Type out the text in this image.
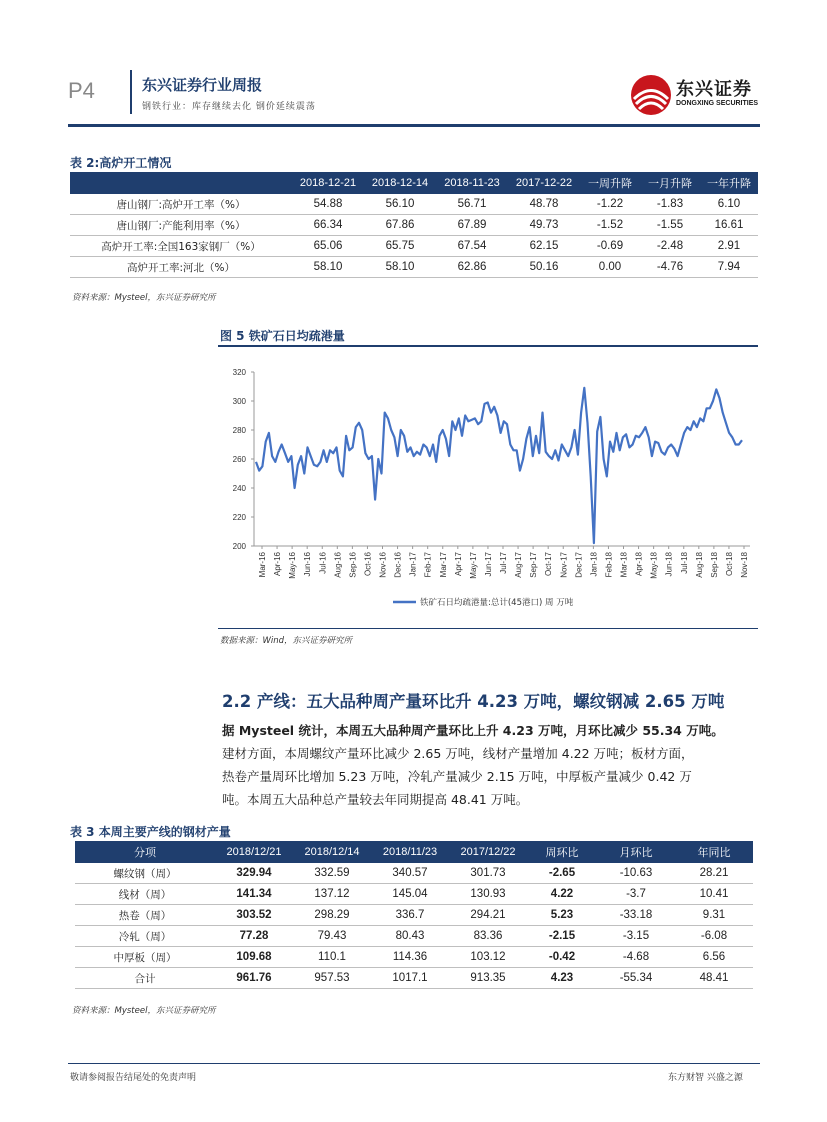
P4	东兴证券行业周报
钢铁行业：库存继续去化 钢价延续震荡
东兴证券
DONGXING SECURITIES
表 2:高炉开工情况
	2018-12-21	2018-12-14	2018-11-23	2017-12-22	一周升降	一月升降	一年升降
唐山钢厂:高炉开工率（%）	54.88	56.10	56.71	48.78	-1.22	-1.83	6.10
唐山钢厂:产能利用率（%）	66.34	67.86	67.89	49.73	-1.52	-1.55	16.61
高炉开工率:全国163家钢厂（%）	65.06	65.75	67.54	62.15	-0.69	-2.48	2.91
高炉开工率:河北（%）	58.10	58.10	62.86	50.16	0.00	-4.76	7.94
资料来源：Mysteel，东兴证券研究所
图 5 铁矿石日均疏港量
200
220
240
260
280
300
320
Mar-16 Apr-16 May-16 Jun-16 Jul-16 Aug-16 Sep-16 Oct-16 Nov-16 Dec-16 Jan-17 Feb-17 Mar-17 Apr-17 May-17 Jun-17 Jul-17 Aug-17 Sep-17 Oct-17 Nov-17 Dec-17 Jan-18 Feb-18 Mar-18 Apr-18 May-18 Jun-18 Jul-18 Aug-18 Sep-18 Oct-18 Nov-18
铁矿石日均疏港量:总计(45港口) 周 万吨
数据来源：Wind，东兴证券研究所
2.2 产线：五大品种周产量环比升 4.23 万吨，螺纹钢减 2.65 万吨
据 Mysteel 统计，本周五大品种周产量环比上升 4.23 万吨，月环比减少 55.34 万吨。
建材方面，本周螺纹产量环比减少 2.65 万吨，线材产量增加 4.22 万吨；板材方面，
热卷产量周环比增加 5.23 万吨，冷轧产量减少 2.15 万吨，中厚板产量减少 0.42 万
吨。本周五大品种总产量较去年同期提高 48.41 万吨。
表 3 本周主要产线的钢材产量
分项	2018/12/21	2018/12/14	2018/11/23	2017/12/22	周环比	月环比	年同比
螺纹钢（周）	329.94	332.59	340.57	301.73	-2.65	-10.63	28.21
线材（周）	141.34	137.12	145.04	130.93	4.22	-3.7	10.41
热卷（周）	303.52	298.29	336.7	294.21	5.23	-33.18	9.31
冷轧（周）	77.28	79.43	80.43	83.36	-2.15	-3.15	-6.08
中厚板（周）	109.68	110.1	114.36	103.12	-0.42	-4.68	6.56
合计	961.76	957.53	1017.1	913.35	4.23	-55.34	48.41
资料来源：Mysteel，东兴证券研究所
敬请参阅报告结尾处的免责声明	东方财智 兴盛之源
